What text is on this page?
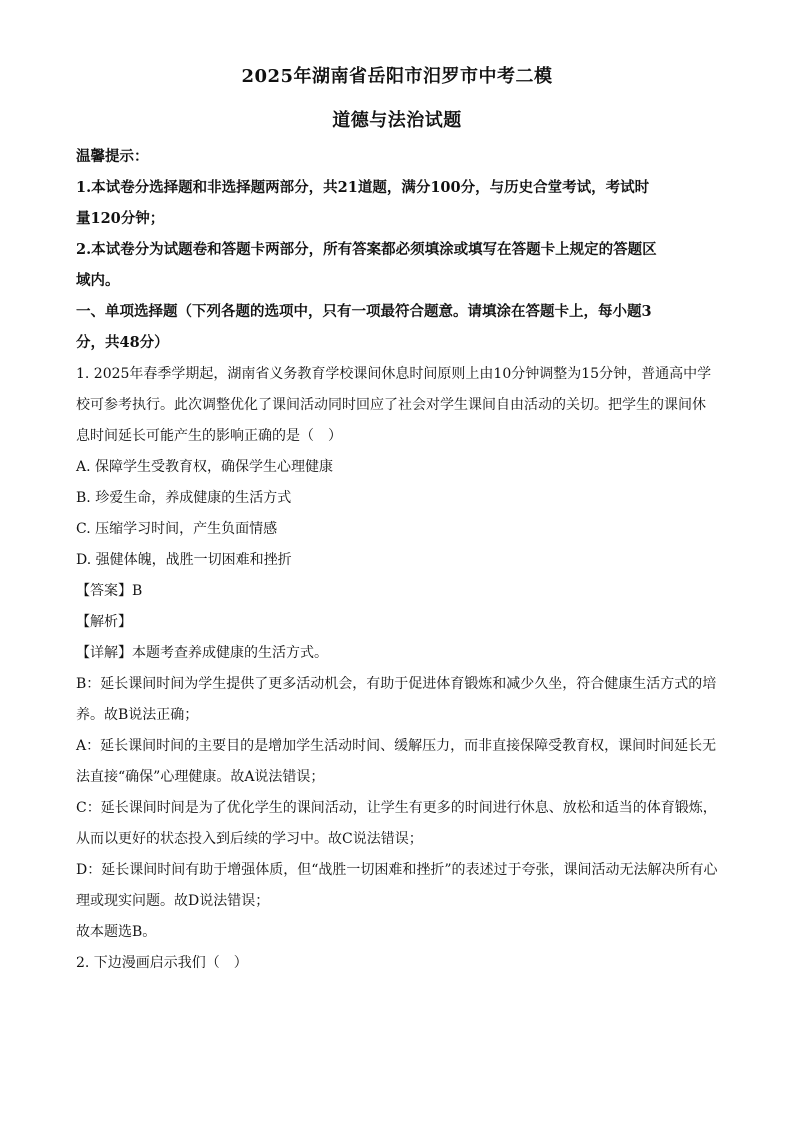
2025年湖南省岳阳市汨罗市中考二模
道德与法治试题
温馨提示：
1.本试卷分选择题和非选择题两部分，共21道题，满分100分，与历史合堂考试，考试时
量120分钟；
2.本试卷分为试题卷和答题卡两部分，所有答案都必须填涂或填写在答题卡上规定的答题区
域内。
一、单项选择题（下列各题的选项中，只有一项最符合题意。请填涂在答题卡上，每小题3
分，共48分）
1. 2025年春季学期起，湖南省义务教育学校课间休息时间原则上由10分钟调整为15分钟，普通高中学
校可参考执行。此次调整优化了课间活动同时回应了社会对学生课间自由活动的关切。把学生的课间休
息时间延长可能产生的影响正确的是（　）
A. 保障学生受教育权，确保学生心理健康
B. 珍爱生命，养成健康的生活方式
C. 压缩学习时间，产生负面情感
D. 强健体魄，战胜一切困难和挫折
【答案】B
【解析】
【详解】本题考查养成健康的生活方式。
B：延长课间时间为学生提供了更多活动机会，有助于促进体育锻炼和减少久坐，符合健康生活方式的培
养。故B说法正确；
A：延长课间时间的主要目的是增加学生活动时间、缓解压力，而非直接保障受教育权，课间时间延长无
法直接“确保”心理健康。故A说法错误；
C：延长课间时间是为了优化学生的课间活动，让学生有更多的时间进行休息、放松和适当的体育锻炼，
从而以更好的状态投入到后续的学习中。故C说法错误；
D：延长课间时间有助于增强体质，但“战胜一切困难和挫折”的表述过于夸张，课间活动无法解决所有心
理或现实问题。故D说法错误；
故本题选B。
2. 下边漫画启示我们（　）
